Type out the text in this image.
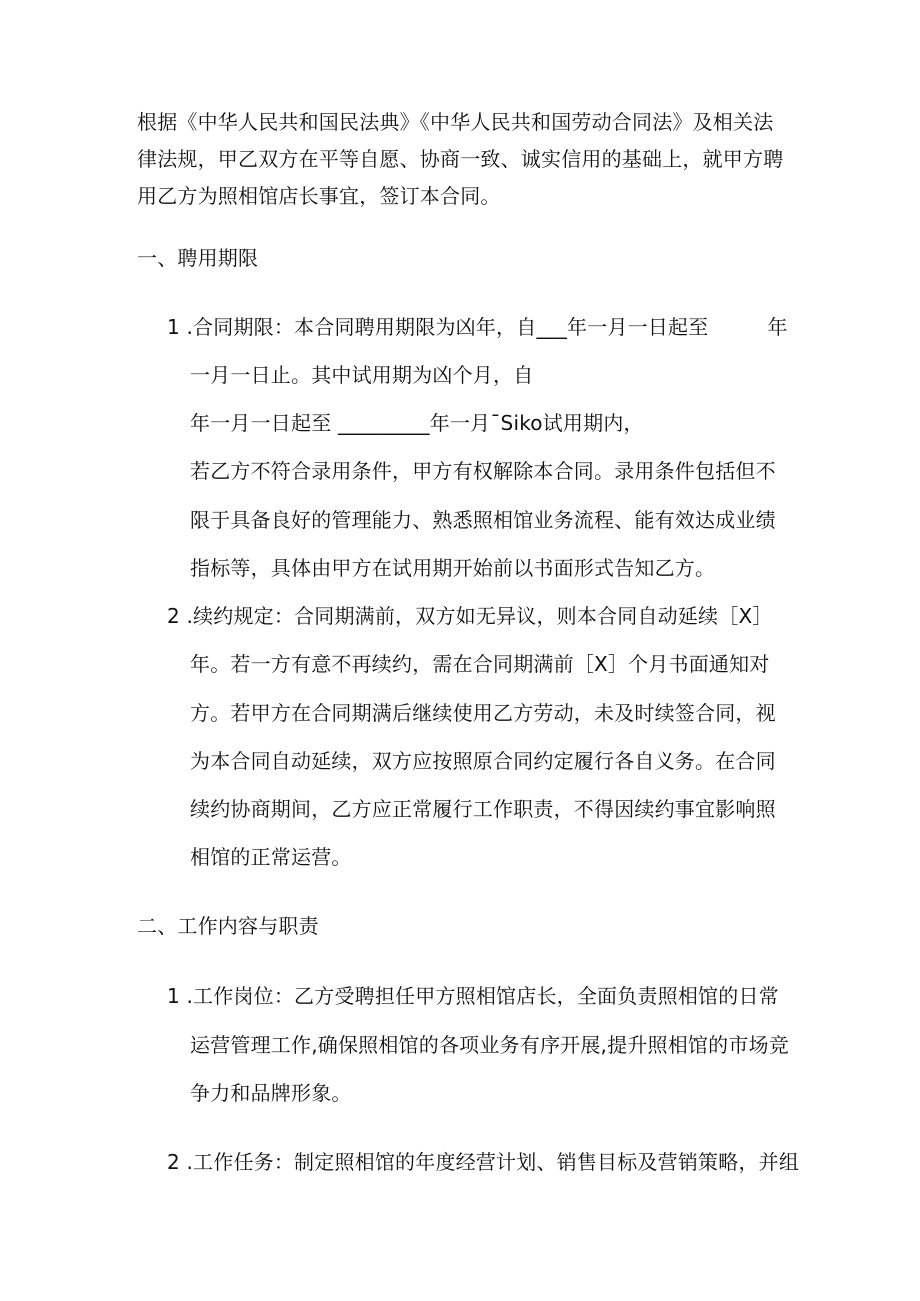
根据《中华人民共和国民法典》《中华人民共和国劳动合同法》及相关法
律法规，甲乙双方在平等自愿、协商一致、诚实信用的基础上，就甲方聘
用乙方为照相馆店长事宜，签订本合同。
一、聘用期限
1 .合同期限：本合同聘用期限为凶年，自___年一月一日起至         年
一月一日止。其中试用期为凶个月，自
年一月一日起至 _________年一月¯Siko试用期内，
若乙方不符合录用条件，甲方有权解除本合同。录用条件包括但不
限于具备良好的管理能力、熟悉照相馆业务流程、能有效达成业绩
指标等，具体由甲方在试用期开始前以书面形式告知乙方。
2 .续约规定：合同期满前，双方如无异议，则本合同自动延续［X］
年。若一方有意不再续约，需在合同期满前［X］个月书面通知对
方。若甲方在合同期满后继续使用乙方劳动，未及时续签合同，视
为本合同自动延续，双方应按照原合同约定履行各自义务。在合同
续约协商期间，乙方应正常履行工作职责，不得因续约事宜影响照
相馆的正常运营。
二、工作内容与职责
1 .工作岗位：乙方受聘担任甲方照相馆店长，全面负责照相馆的日常
运营管理工作,确保照相馆的各项业务有序开展,提升照相馆的市场竞
争力和品牌形象。
2 .工作任务：制定照相馆的年度经营计划、销售目标及营销策略，并组
